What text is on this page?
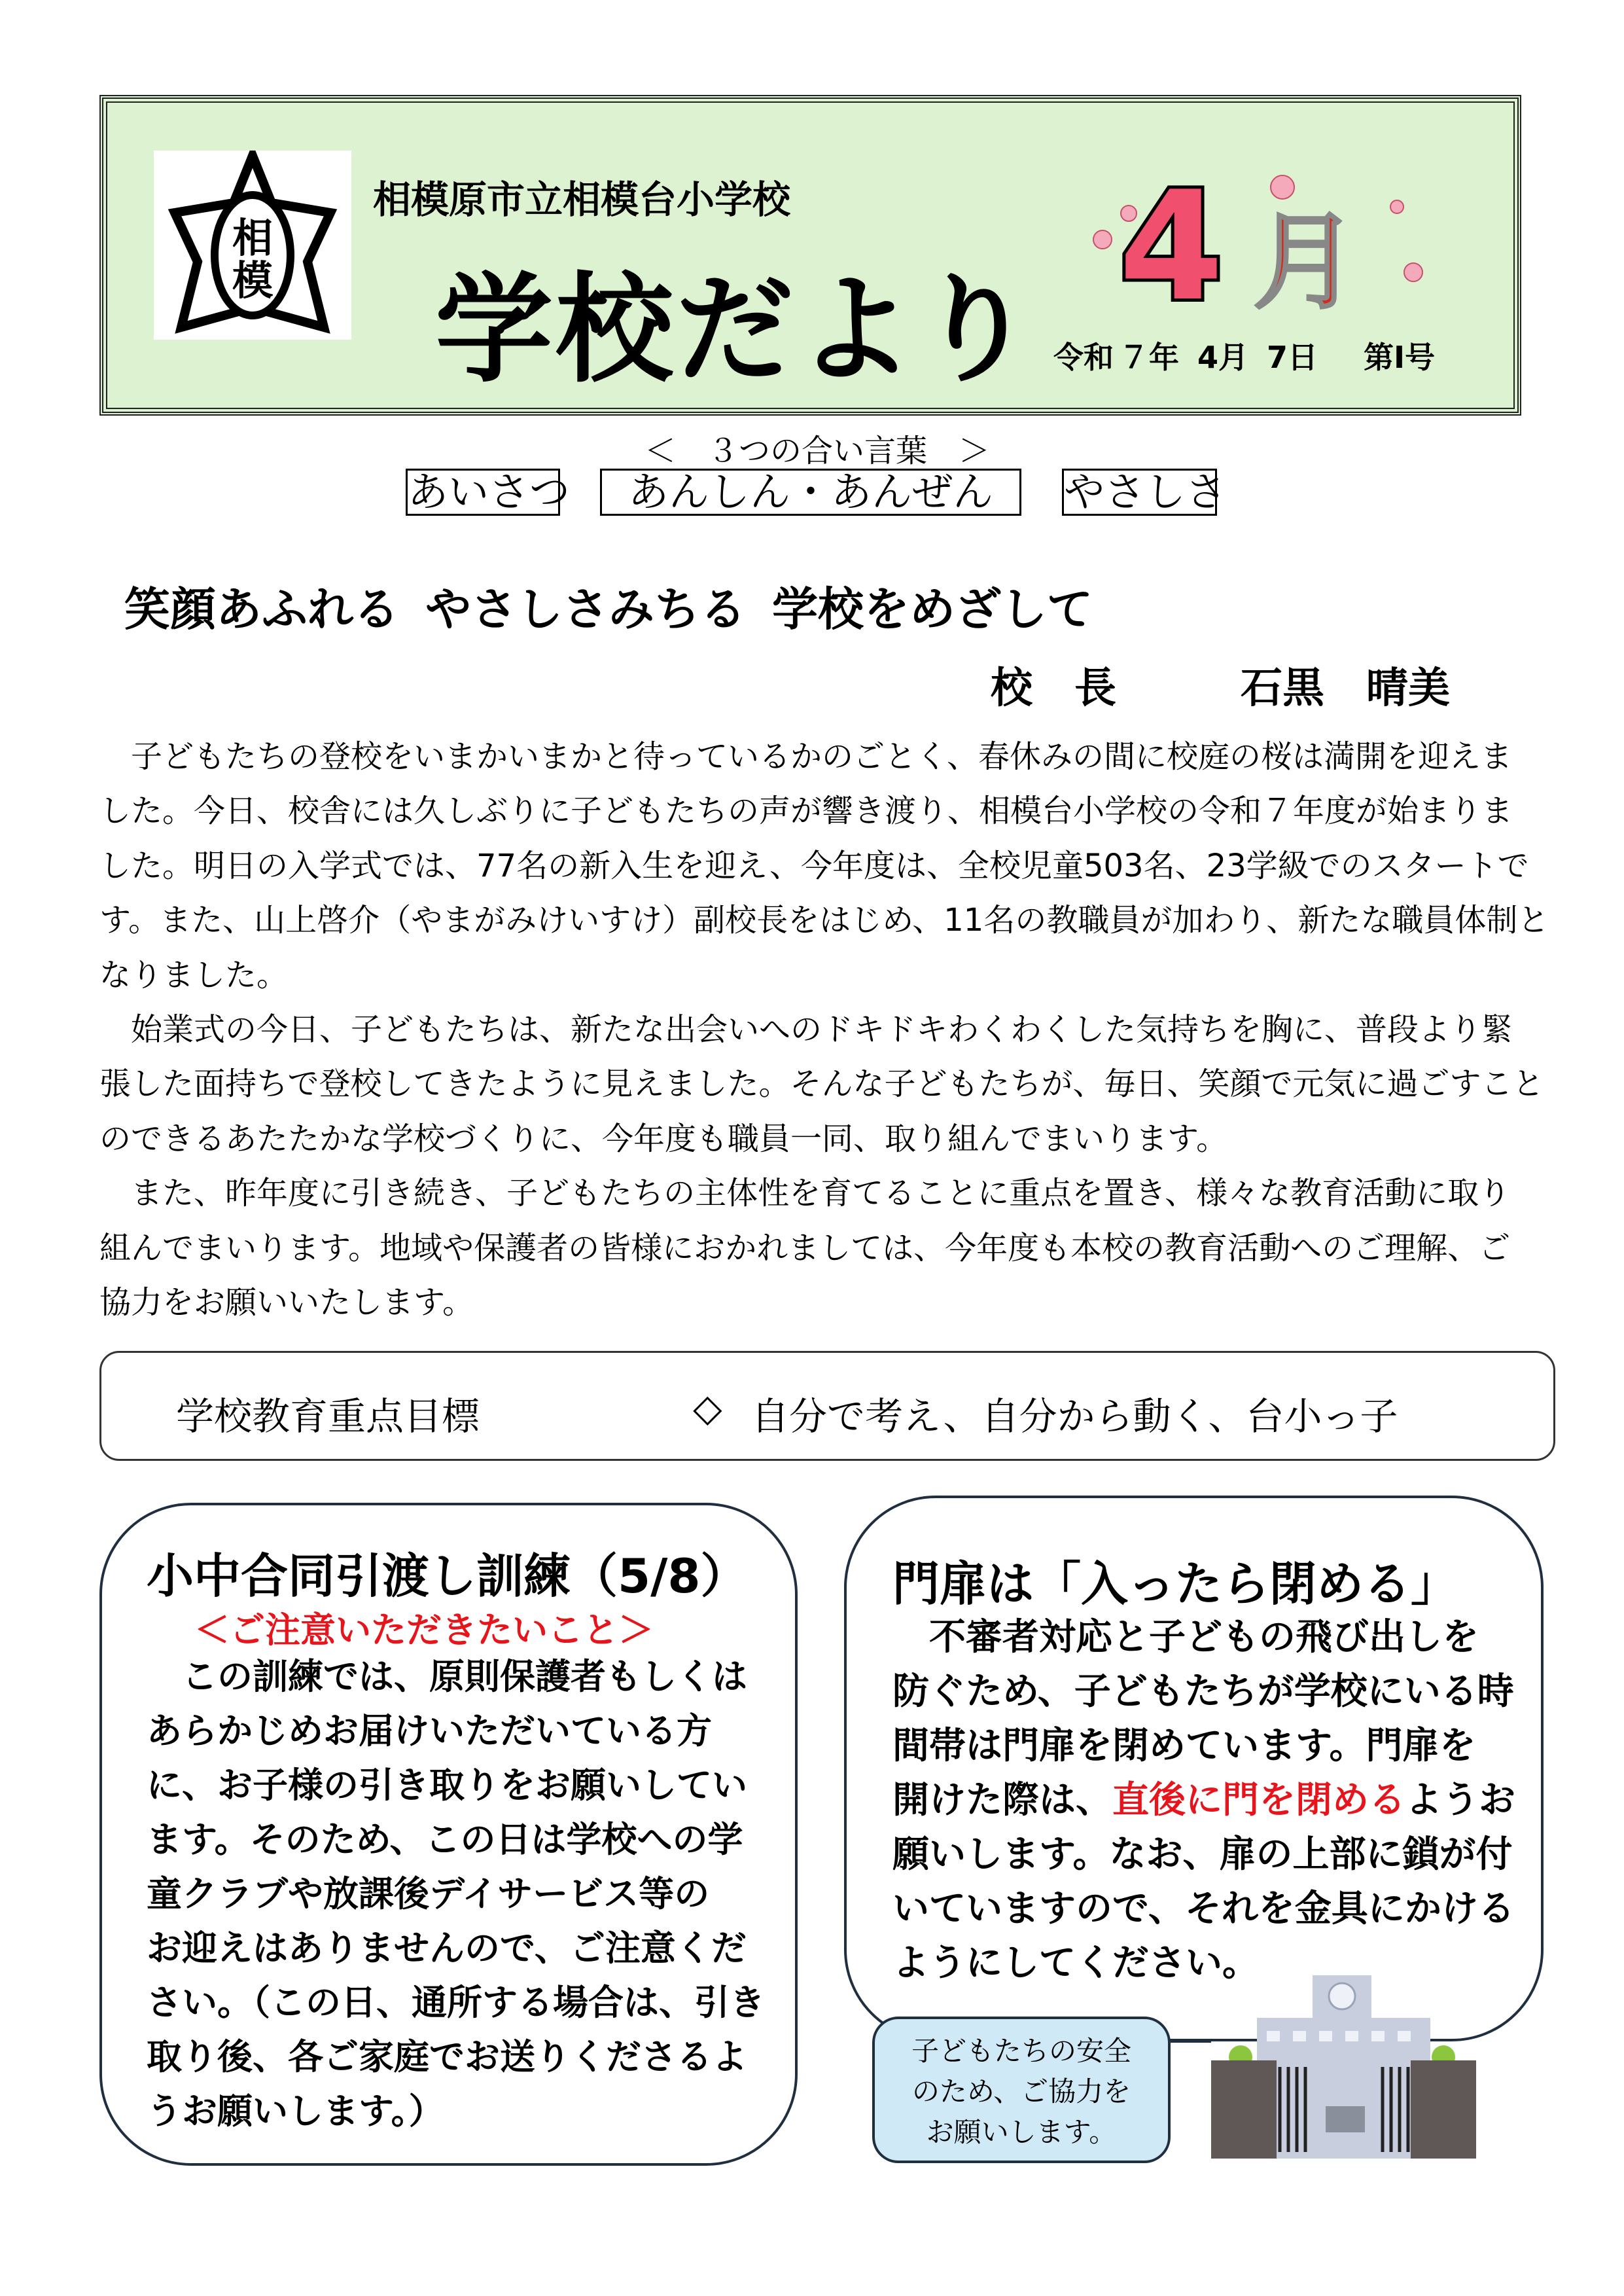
相
模
相模原市立相模台小学校
学校だより 4 月
令和 ７年 4月 7日 第Ⅰ号
＜　３つの合い言葉　＞
あいさつ	あんしん・あんぜん	やさしさ
笑顔あふれる やさしさみちる 学校をめざして
校　長	石黒　晴美
　子どもたちの登校をいまかいまかと待っているかのごとく、春休みの間に校庭の桜は満開を迎えま
した。今日、校舎には久しぶりに子どもたちの声が響き渡り、相模台小学校の令和７年度が始まりま
した。明日の入学式では、77名の新入生を迎え、今年度は、全校児童503名、23学級でのスタートで
す。また、山上啓介（やまがみけいすけ）副校長をはじめ、11名の教職員が加わり、新たな職員体制と
なりました。
　始業式の今日、子どもたちは、新たな出会いへのドキドキわくわくした気持ちを胸に、普段より緊
張した面持ちで登校してきたように見えました。そんな子どもたちが、毎日、笑顔で元気に過ごすこと
のできるあたたかな学校づくりに、今年度も職員一同、取り組んでまいります。
　また、昨年度に引き続き、子どもたちの主体性を育てることに重点を置き、様々な教育活動に取り
組んでまいります。地域や保護者の皆様におかれましては、今年度も本校の教育活動へのご理解、ご
協力をお願いいたします。
学校教育重点目標	◇ 自分で考え、自分から動く、台小っ子
小中合同引渡し訓練（5/8）
＜ご注意いただきたいこと＞
　この訓練では、原則保護者もしくは
あらかじめお届けいただいている方
に、お子様の引き取りをお願いしてい
ます。そのため、この日は学校への学
童クラブや放課後デイサービス等の
お迎えはありませんので、ご注意くだ
さい。（この日、通所する場合は、引き
取り後、各ご家庭でお送りくださるよ
うお願いします。）
門扉は「入ったら閉める」
　不審者対応と子どもの飛び出しを
防ぐため、子どもたちが学校にいる時
間帯は門扉を閉めています。門扉を
開けた際は、直後に門を閉めるようお
願いします。なお、扉の上部に鎖が付
いていますので、それを金具にかける
ようにしてください。
子どもたちの安全
のため、ご協力を
お願いします。
